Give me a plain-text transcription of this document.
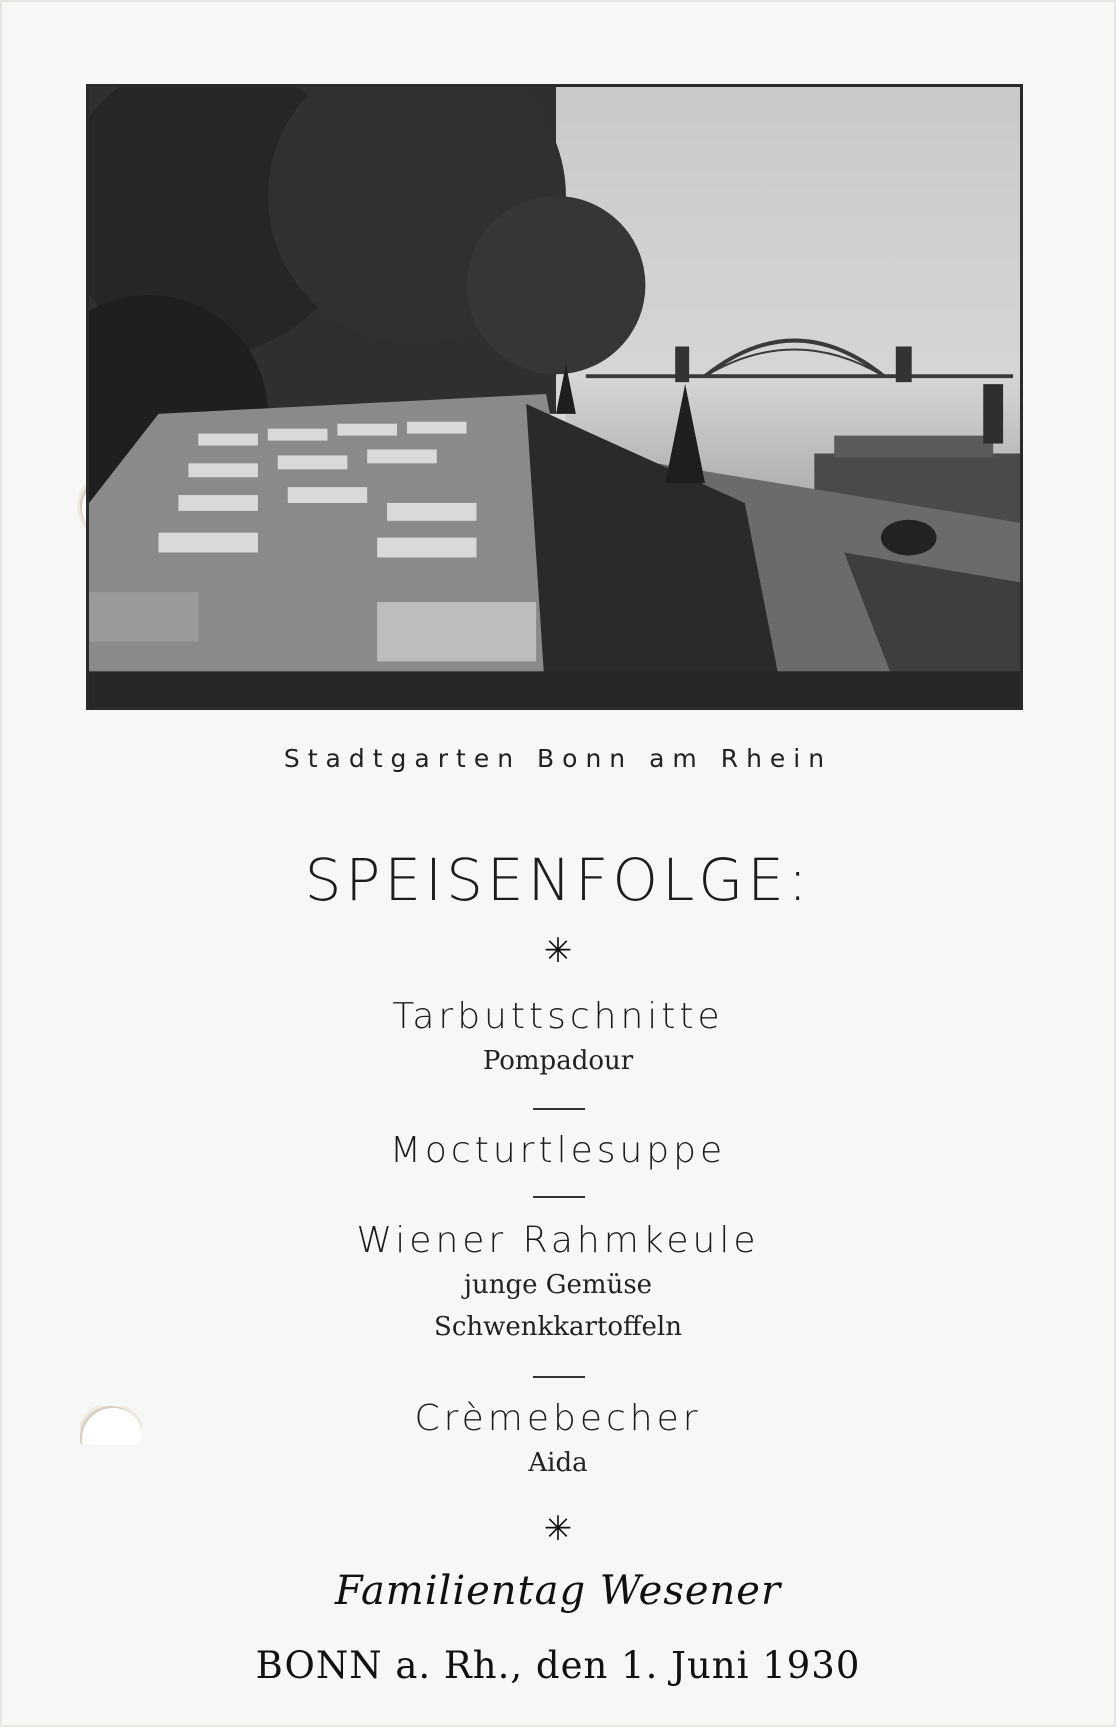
Stadtgarten Bonn am Rhein
SPEISENFOLGE:
✳
Tarbuttschnitte
Pompadour
Mocturtlesuppe
Wiener Rahmkeule
junge Gemüse
Schwenkkartoffeln
Crèmebecher
Aida
✳
Familientag Wesener
BONN a. Rh., den 1. Juni 1930
